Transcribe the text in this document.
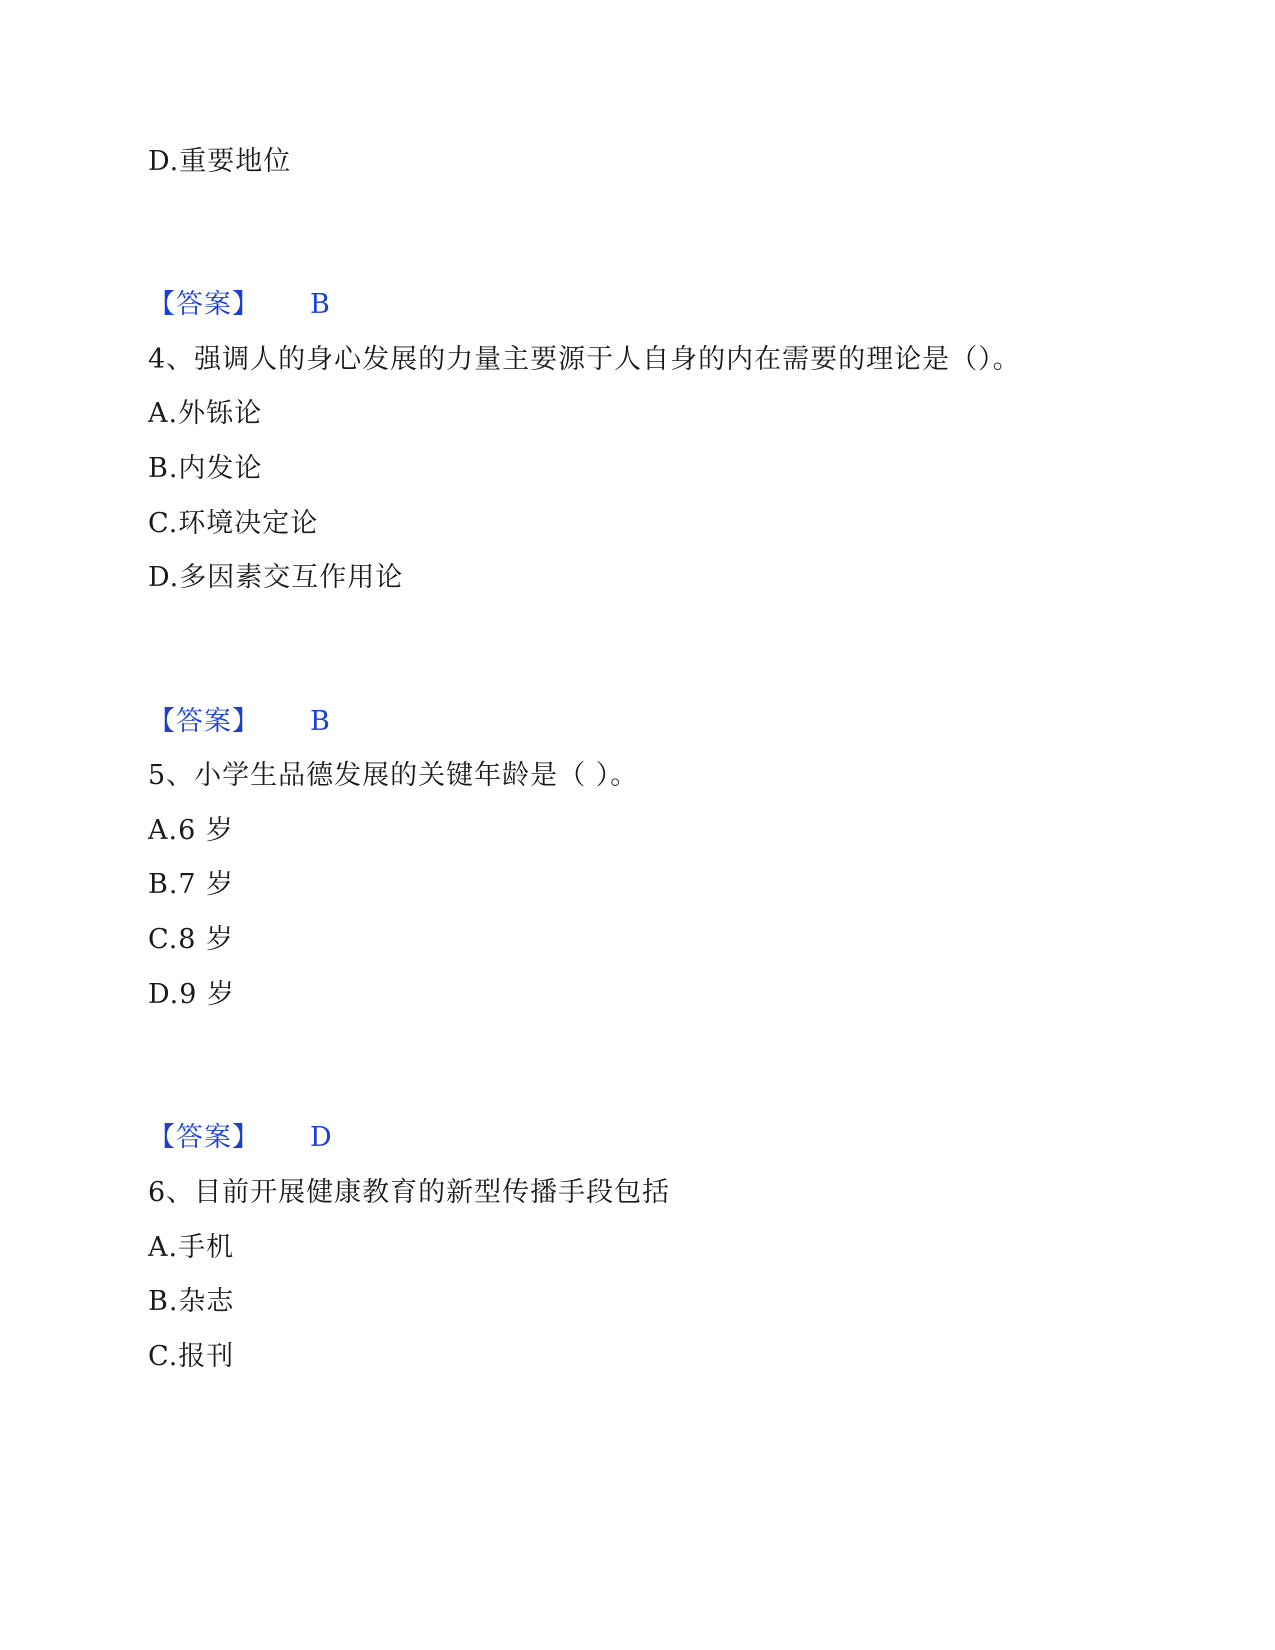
D.重要地位
【答案】 B
4、强调人的身心发展的力量主要源于人自身的内在需要的理论是（）。
A.外铄论
B.内发论
C.环境决定论
D.多因素交互作用论
【答案】 B
5、小学生品德发展的关键年龄是（ ）。
A.6 岁
B.7 岁
C.8 岁
D.9 岁
【答案】 D
6、目前开展健康教育的新型传播手段包括
A.手机
B.杂志
C.报刊
